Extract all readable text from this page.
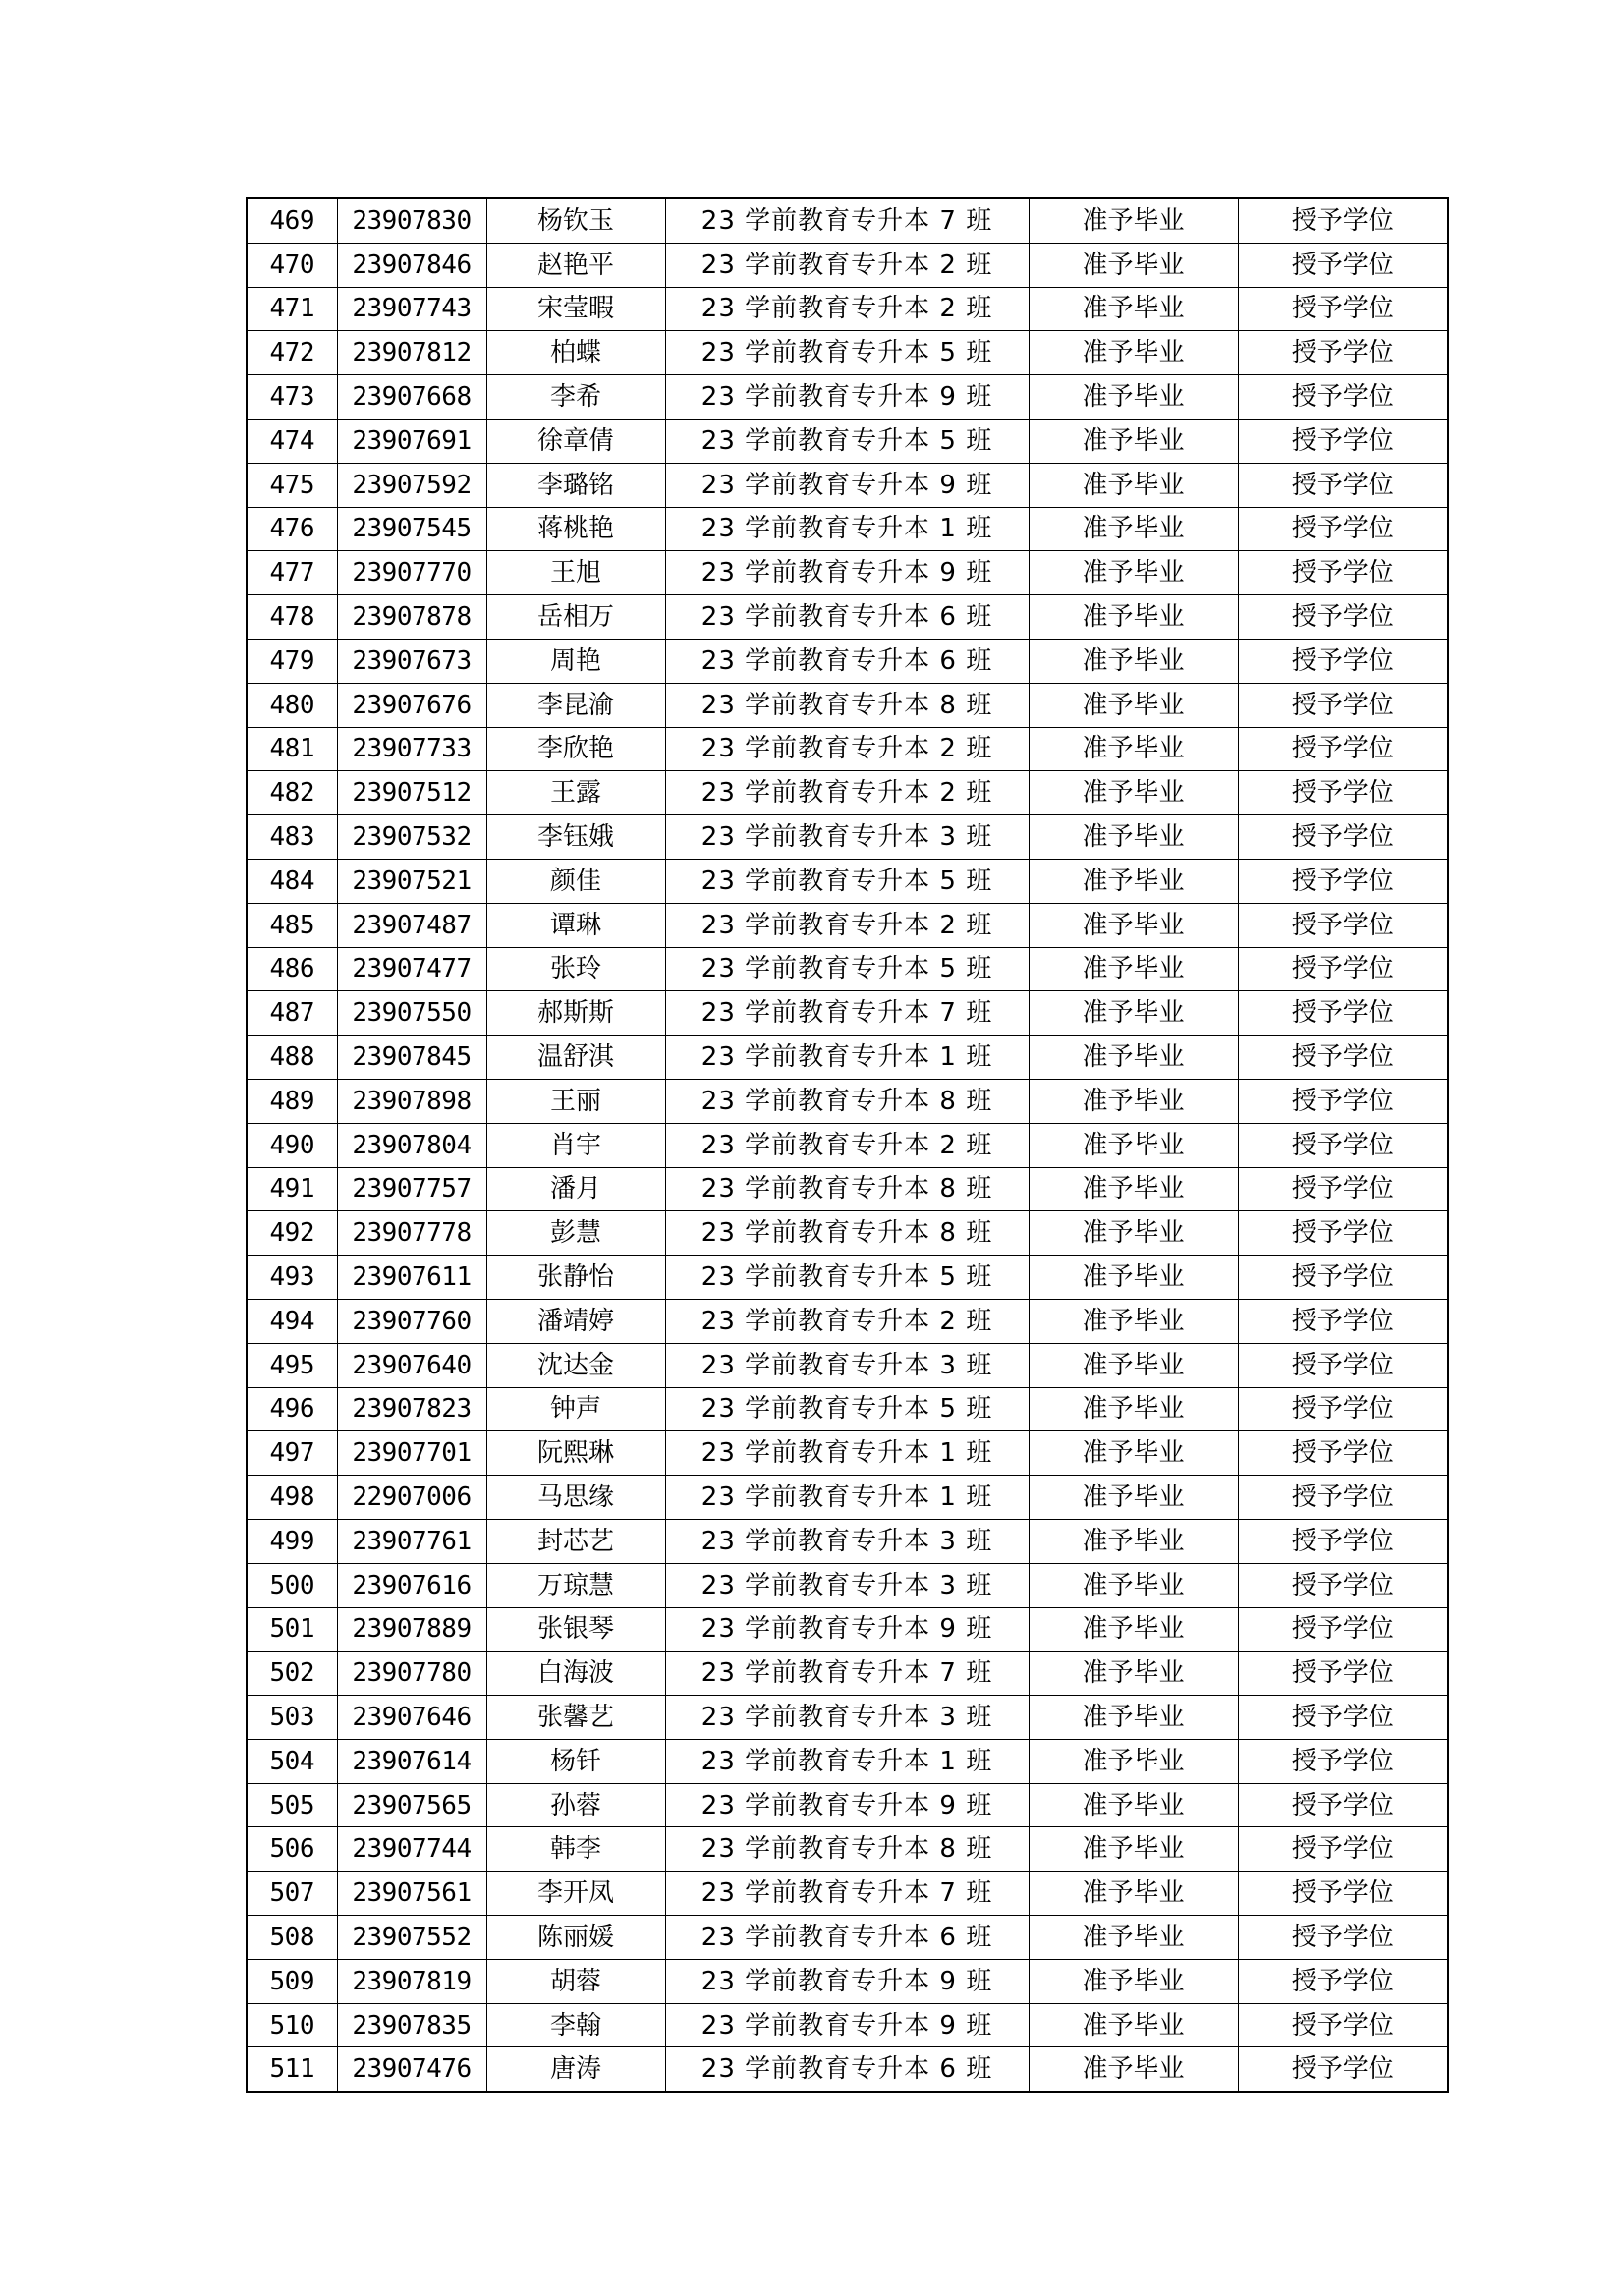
469	23907830	杨钦玉	23 学前教育专升本 7 班	准予毕业	授予学位
470	23907846	赵艳平	23 学前教育专升本 2 班	准予毕业	授予学位
471	23907743	宋莹暇	23 学前教育专升本 2 班	准予毕业	授予学位
472	23907812	柏蝶	23 学前教育专升本 5 班	准予毕业	授予学位
473	23907668	李希	23 学前教育专升本 9 班	准予毕业	授予学位
474	23907691	徐章倩	23 学前教育专升本 5 班	准予毕业	授予学位
475	23907592	李璐铭	23 学前教育专升本 9 班	准予毕业	授予学位
476	23907545	蒋桃艳	23 学前教育专升本 1 班	准予毕业	授予学位
477	23907770	王旭	23 学前教育专升本 9 班	准予毕业	授予学位
478	23907878	岳相万	23 学前教育专升本 6 班	准予毕业	授予学位
479	23907673	周艳	23 学前教育专升本 6 班	准予毕业	授予学位
480	23907676	李昆渝	23 学前教育专升本 8 班	准予毕业	授予学位
481	23907733	李欣艳	23 学前教育专升本 2 班	准予毕业	授予学位
482	23907512	王露	23 学前教育专升本 2 班	准予毕业	授予学位
483	23907532	李钰娥	23 学前教育专升本 3 班	准予毕业	授予学位
484	23907521	颜佳	23 学前教育专升本 5 班	准予毕业	授予学位
485	23907487	谭琳	23 学前教育专升本 2 班	准予毕业	授予学位
486	23907477	张玲	23 学前教育专升本 5 班	准予毕业	授予学位
487	23907550	郝斯斯	23 学前教育专升本 7 班	准予毕业	授予学位
488	23907845	温舒淇	23 学前教育专升本 1 班	准予毕业	授予学位
489	23907898	王丽	23 学前教育专升本 8 班	准予毕业	授予学位
490	23907804	肖宇	23 学前教育专升本 2 班	准予毕业	授予学位
491	23907757	潘月	23 学前教育专升本 8 班	准予毕业	授予学位
492	23907778	彭慧	23 学前教育专升本 8 班	准予毕业	授予学位
493	23907611	张静怡	23 学前教育专升本 5 班	准予毕业	授予学位
494	23907760	潘靖婷	23 学前教育专升本 2 班	准予毕业	授予学位
495	23907640	沈达金	23 学前教育专升本 3 班	准予毕业	授予学位
496	23907823	钟声	23 学前教育专升本 5 班	准予毕业	授予学位
497	23907701	阮熙琳	23 学前教育专升本 1 班	准予毕业	授予学位
498	22907006	马思缘	23 学前教育专升本 1 班	准予毕业	授予学位
499	23907761	封芯艺	23 学前教育专升本 3 班	准予毕业	授予学位
500	23907616	万琼慧	23 学前教育专升本 3 班	准予毕业	授予学位
501	23907889	张银琴	23 学前教育专升本 9 班	准予毕业	授予学位
502	23907780	白海波	23 学前教育专升本 7 班	准予毕业	授予学位
503	23907646	张馨艺	23 学前教育专升本 3 班	准予毕业	授予学位
504	23907614	杨钎	23 学前教育专升本 1 班	准予毕业	授予学位
505	23907565	孙蓉	23 学前教育专升本 9 班	准予毕业	授予学位
506	23907744	韩李	23 学前教育专升本 8 班	准予毕业	授予学位
507	23907561	李开凤	23 学前教育专升本 7 班	准予毕业	授予学位
508	23907552	陈丽媛	23 学前教育专升本 6 班	准予毕业	授予学位
509	23907819	胡蓉	23 学前教育专升本 9 班	准予毕业	授予学位
510	23907835	李翰	23 学前教育专升本 9 班	准予毕业	授予学位
511	23907476	唐涛	23 学前教育专升本 6 班	准予毕业	授予学位
